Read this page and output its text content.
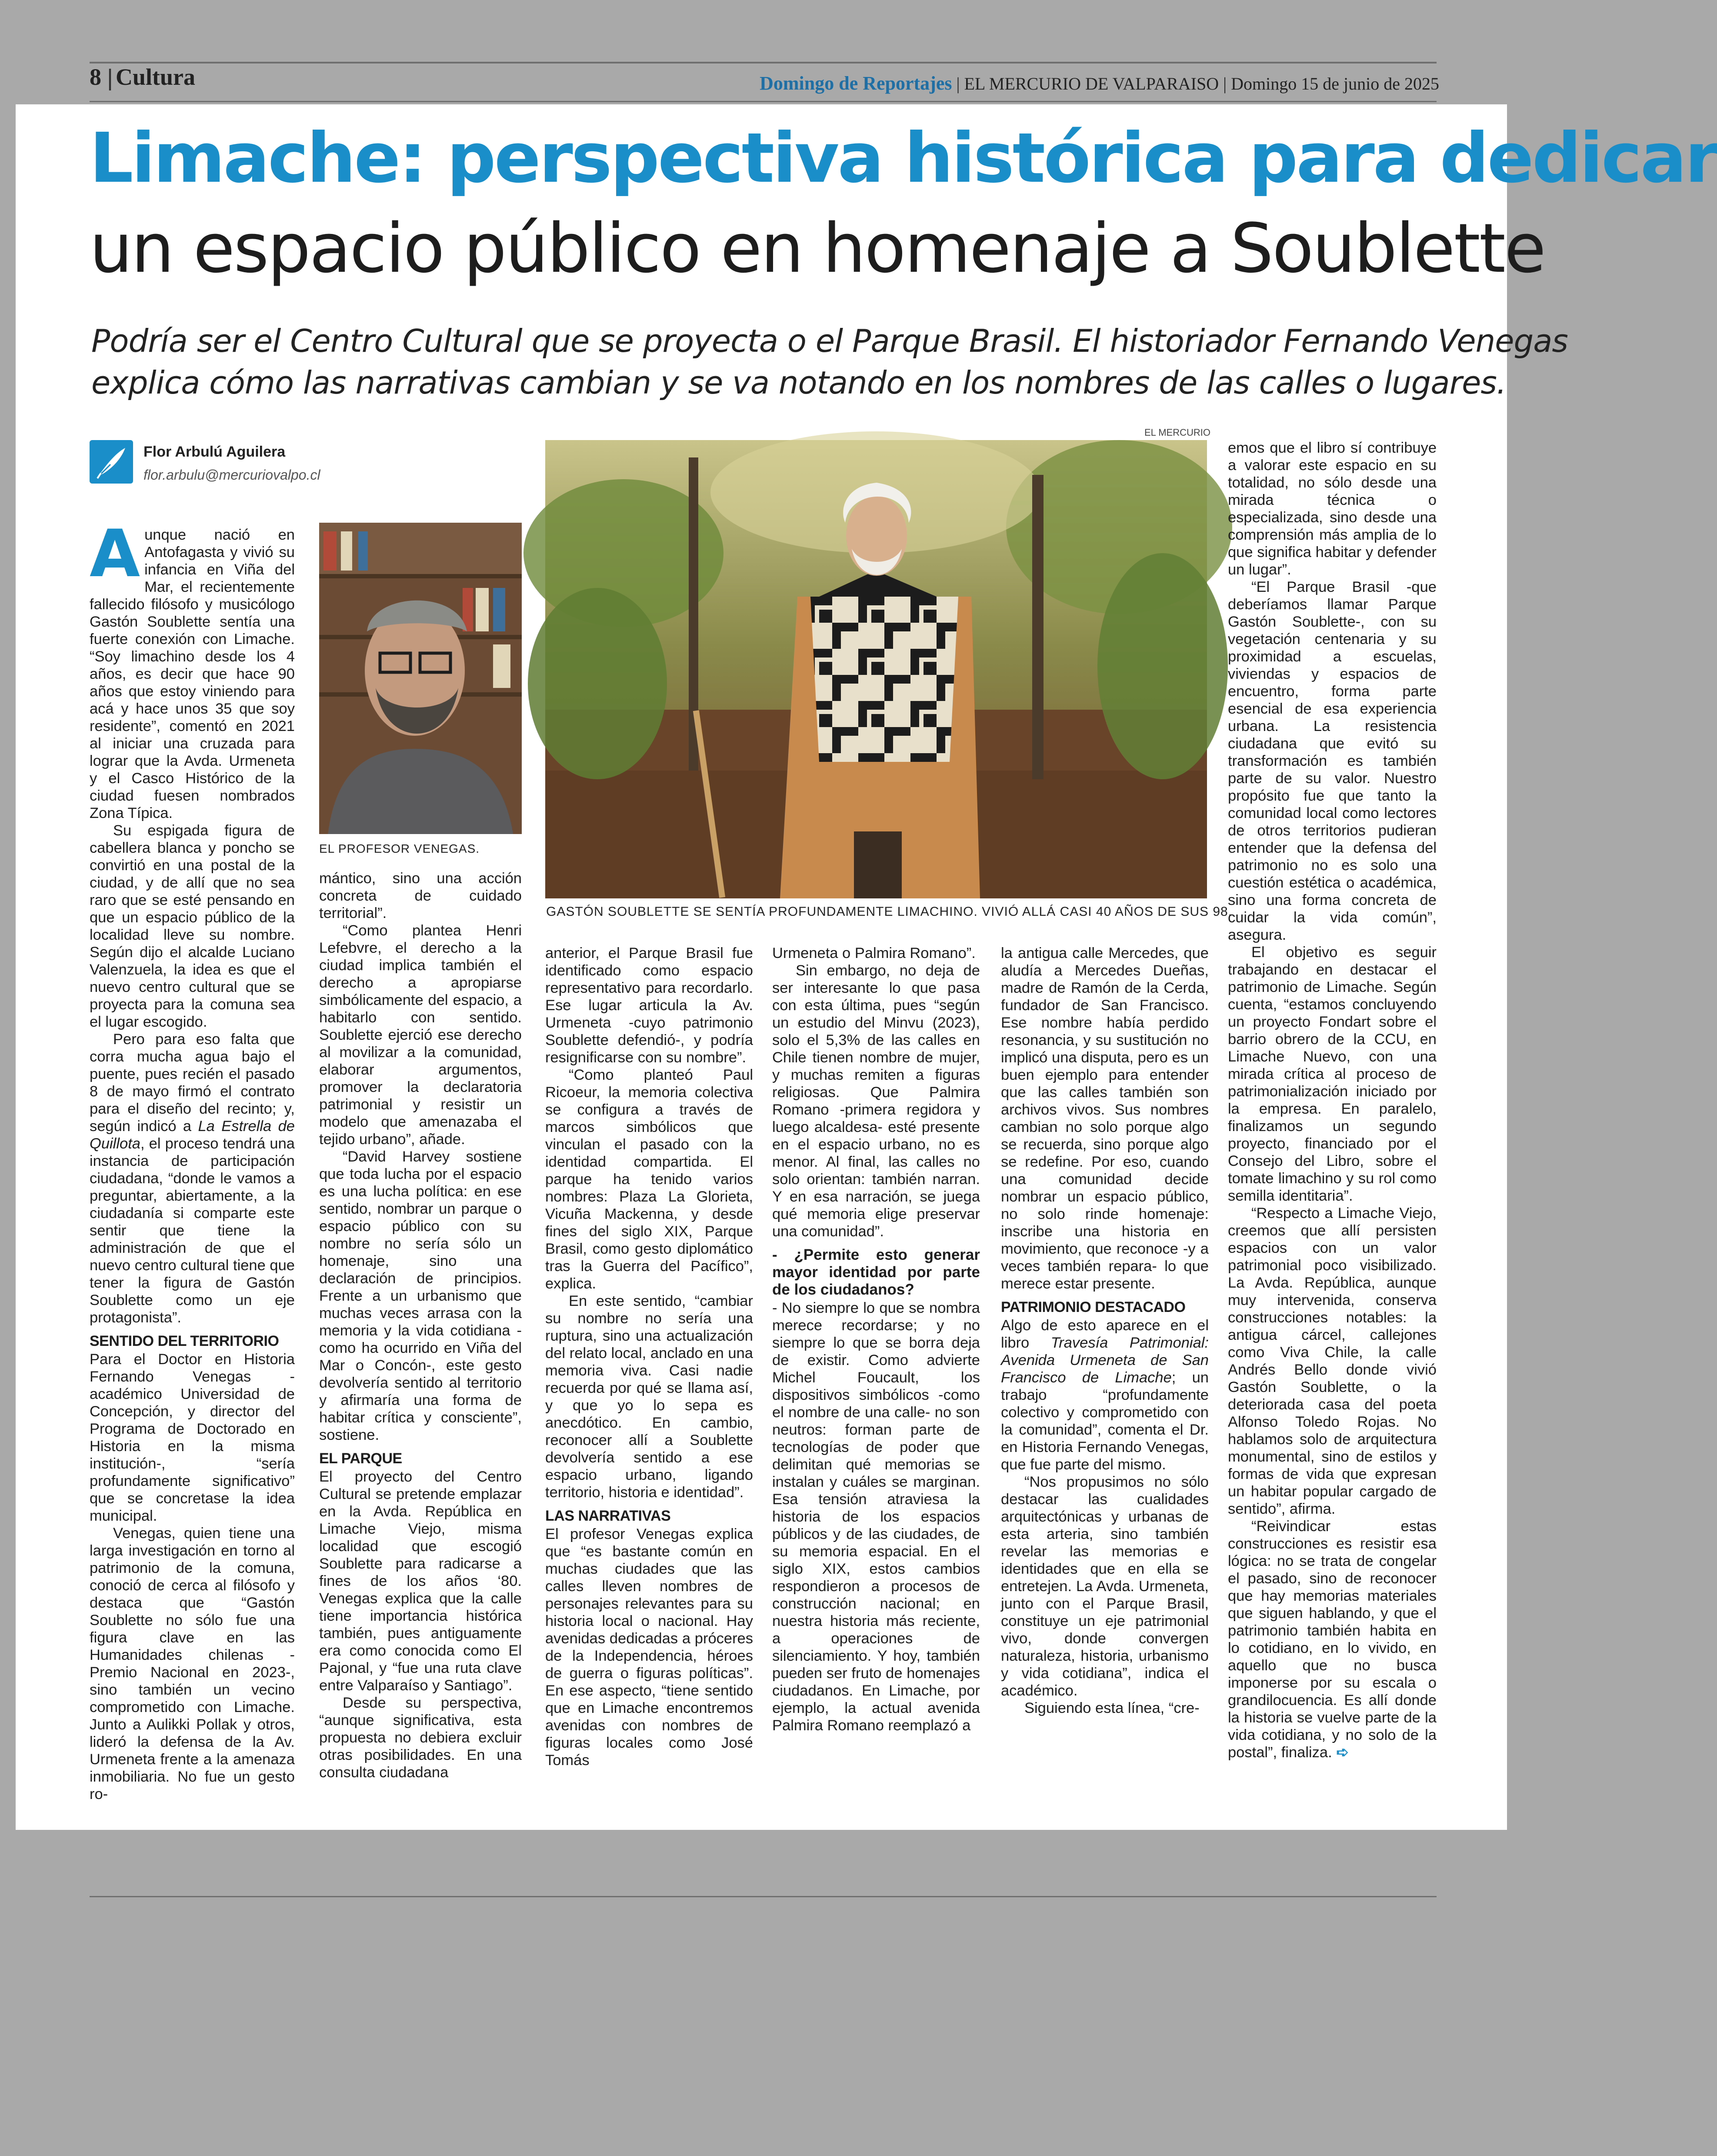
8 | Cultura	Domingo de Reportajes | EL MERCURIO DE VALPARAISO | Domingo 15 de junio de 2025
Limache: perspectiva histórica para dedicar
un espacio público en homenaje a Soublette
Podría ser el Centro Cultural que se proyecta o el Parque Brasil. El historiador Fernando Venegas
explica cómo las narrativas cambian y se va notando en los nombres de las calles o lugares.
Flor Arbulú Aguilera
flor.arbulu@mercuriovalpo.cl
EL MERCURIO
GASTÓN SOUBLETTE SE SENTÍA PROFUNDAMENTE LIMACHINO. VIVIÓ ALLÁ CASI 40 AÑOS DE SUS 98.
EL PROFESOR VENEGAS.

Aunque nació en Antofagasta y vivió su infancia en Viña del Mar, el recientemente fallecido filósofo y musicólogo Gastón Soublette sentía una fuerte conexión con Limache. “Soy limachino desde los 4 años, es decir que hace 90 años que estoy viniendo para acá y hace unos 35 que soy residente”, comentó en 2021 al iniciar una cruzada para lograr que la Avda. Urmeneta y el Casco Histórico de la ciudad fuesen nombrados Zona Típica.

Su espigada figura de cabellera blanca y poncho se convirtió en una postal de la ciudad, y de allí que no sea raro que se esté pensando en que un espacio público de la localidad lleve su nombre. Según dijo el alcalde Luciano Valenzuela, la idea es que el nuevo centro cultural que se proyecta para la comuna sea el lugar escogido.

Pero para eso falta que corra mucha agua bajo el puente, pues recién el pasado 8 de mayo firmó el contrato para el diseño del recinto; y, según indicó a La Estrella de Quillota, el proceso tendrá una instancia de participación ciudadana, “donde le vamos a preguntar, abiertamente, a la ciudadanía si comparte este sentir que tiene la administración de que el nuevo centro cultural tiene que tener la figura de Gastón Soublette como un eje protagonista”.

SENTIDO DEL TERRITORIO

Para el Doctor en Historia Fernando Venegas -académico Universidad de Concepción, y director del Programa de Doctorado en Historia en la misma institución-, “sería profundamente significativo” que se concretase la idea municipal.

Venegas, quien tiene una larga investigación en torno al patrimonio de la comuna, conoció de cerca al filósofo y destaca que “Gastón Soublette no sólo fue una figura clave en las Humanidades chilenas -Premio Nacional en 2023-, sino también un vecino comprometido con Limache. Junto a Aulikki Pollak y otros, lideró la defensa de la Av. Urmeneta frente a la amenaza inmobiliaria. No fue un gesto ro-

mántico, sino una acción concreta de cuidado territorial”.

“Como plantea Henri Lefebvre, el derecho a la ciudad implica también el derecho a apropiarse simbólicamente del espacio, a habitarlo con sentido. Soublette ejerció ese derecho al movilizar a la comunidad, elaborar argumentos, promover la declaratoria patrimonial y resistir un modelo que amenazaba el tejido urbano”, añade.

“David Harvey sostiene que toda lucha por el espacio es una lucha política: en ese sentido, nombrar un parque o espacio público con su nombre no sería sólo un homenaje, sino una declaración de principios. Frente a un urbanismo que muchas veces arrasa con la memoria y la vida cotidiana -como ha ocurrido en Viña del Mar o Concón-, este gesto devolvería sentido al territorio y afirmaría una forma de habitar crítica y consciente”, sostiene.

EL PARQUE

El proyecto del Centro Cultural se pretende emplazar en la Avda. República en Limache Viejo, misma localidad que escogió Soublette para radicarse a fines de los años ‘80. Venegas explica que la calle tiene importancia histórica también, pues antiguamente era como conocida como El Pajonal, y “fue una ruta clave entre Valparaíso y Santiago”.

Desde su perspectiva, “aunque significativa, esta propuesta no debiera excluir otras posibilidades. En una consulta ciudadana

anterior, el Parque Brasil fue identificado como espacio representativo para recordarlo. Ese lugar articula la Av. Urmeneta -cuyo patrimonio Soublette defendió-, y podría resignificarse con su nombre”.

“Como planteó Paul Ricoeur, la memoria colectiva se configura a través de marcos simbólicos que vinculan el pasado con la identidad compartida. El parque ha tenido varios nombres: Plaza La Glorieta, Vicuña Mackenna, y desde fines del siglo XIX, Parque Brasil, como gesto diplomático tras la Guerra del Pacífico”, explica.

En este sentido, “cambiar su nombre no sería una ruptura, sino una actualización del relato local, anclado en una memoria viva. Casi nadie recuerda por qué se llama así, y que yo lo sepa es anecdótico. En cambio, reconocer allí a Soublette devolvería sentido a ese espacio urbano, ligando territorio, historia e identidad”.

LAS NARRATIVAS

El profesor Venegas explica que “es bastante común en muchas ciudades que las calles lleven nombres de personajes relevantes para su historia local o nacional. Hay avenidas dedicadas a próceres de la Independencia, héroes de guerra o figuras políticas”. En ese aspecto, “tiene sentido que en Limache encontremos avenidas con nombres de figuras locales como José Tomás

Urmeneta o Palmira Romano”.

Sin embargo, no deja de ser interesante lo que pasa con esta última, pues “según un estudio del Minvu (2023), solo el 5,3% de las calles en Chile tienen nombre de mujer, y muchas remiten a figuras religiosas. Que Palmira Romano -primera regidora y luego alcaldesa- esté presente en el espacio urbano, no es menor. Al final, las calles no solo orientan: también narran. Y en esa narración, se juega qué memoria elige preservar una comunidad”.

- ¿Permite esto generar mayor identidad por parte de los ciudadanos?

- No siempre lo que se nombra merece recordarse; y no siempre lo que se borra deja de existir. Como advierte Michel Foucault, los dispositivos simbólicos -como el nombre de una calle- no son neutros: forman parte de tecnologías de poder que delimitan qué memorias se instalan y cuáles se marginan. Esa tensión atraviesa la historia de los espacios públicos y de las ciudades, de su memoria espacial. En el siglo XIX, estos cambios respondieron a procesos de construcción nacional; en nuestra historia más reciente, a operaciones de silenciamiento. Y hoy, también pueden ser fruto de homenajes ciudadanos. En Limache, por ejemplo, la actual avenida Palmira Romano reemplazó a

la antigua calle Mercedes, que aludía a Mercedes Dueñas, madre de Ramón de la Cerda, fundador de San Francisco. Ese nombre había perdido resonancia, y su sustitución no implicó una disputa, pero es un buen ejemplo para entender que las calles también son archivos vivos. Sus nombres cambian no solo porque algo se recuerda, sino porque algo se redefine. Por eso, cuando una comunidad decide nombrar un espacio público, no solo rinde homenaje: inscribe una historia en movimiento, que reconoce -y a veces también repara- lo que merece estar presente.

PATRIMONIO DESTACADO

Algo de esto aparece en el libro Travesía Patrimonial: Avenida Urmeneta de San Francisco de Limache; un trabajo “profundamente colectivo y comprometido con la comunidad”, comenta el Dr. en Historia Fernando Venegas, que fue parte del mismo.

“Nos propusimos no sólo destacar las cualidades arquitectónicas y urbanas de esta arteria, sino también revelar las memorias e identidades que en ella se entretejen. La Avda. Urmeneta, junto con el Parque Brasil, constituye un eje patrimonial vivo, donde convergen naturaleza, historia, urbanismo y vida cotidiana”, indica el académico.

Siguiendo esta línea, “cre-

emos que el libro sí contribuye a valorar este espacio en su totalidad, no sólo desde una mirada técnica o especializada, sino desde una comprensión más amplia de lo que significa habitar y defender un lugar”.

“El Parque Brasil -que deberíamos llamar Parque Gastón Soublette-, con su vegetación centenaria y su proximidad a escuelas, viviendas y espacios de encuentro, forma parte esencial de esa experiencia urbana. La resistencia ciudadana que evitó su transformación es también parte de su valor. Nuestro propósito fue que tanto la comunidad local como lectores de otros territorios pudieran entender que la defensa del patrimonio no es solo una cuestión estética o académica, sino una forma concreta de cuidar la vida común”, asegura.

El objetivo es seguir trabajando en destacar el patrimonio de Limache. Según cuenta, “estamos concluyendo un proyecto Fondart sobre el barrio obrero de la CCU, en Limache Nuevo, con una mirada crítica al proceso de patrimonialización iniciado por la empresa. En paralelo, finalizamos un segundo proyecto, financiado por el Consejo del Libro, sobre el tomate limachino y su rol como semilla identitaria”.

“Respecto a Limache Viejo, creemos que allí persisten espacios con un valor patrimonial poco visibilizado. La Avda. República, aunque muy intervenida, conserva construcciones notables: la antigua cárcel, callejones como Viva Chile, la calle Andrés Bello donde vivió Gastón Soublette, o la deteriorada casa del poeta Alfonso Toledo Rojas. No hablamos solo de arquitectura monumental, sino de estilos y formas de vida que expresan un habitar popular cargado de sentido”, afirma.

“Reivindicar estas construcciones es resistir esa lógica: no se trata de congelar el pasado, sino de reconocer que hay memorias materiales que siguen hablando, y que el patrimonio también habita en lo cotidiano, en lo vivido, en aquello que no busca imponerse por su escala o grandilocuencia. Es allí donde la historia se vuelve parte de la vida cotidiana, y no solo de la postal”, finaliza. ➪
